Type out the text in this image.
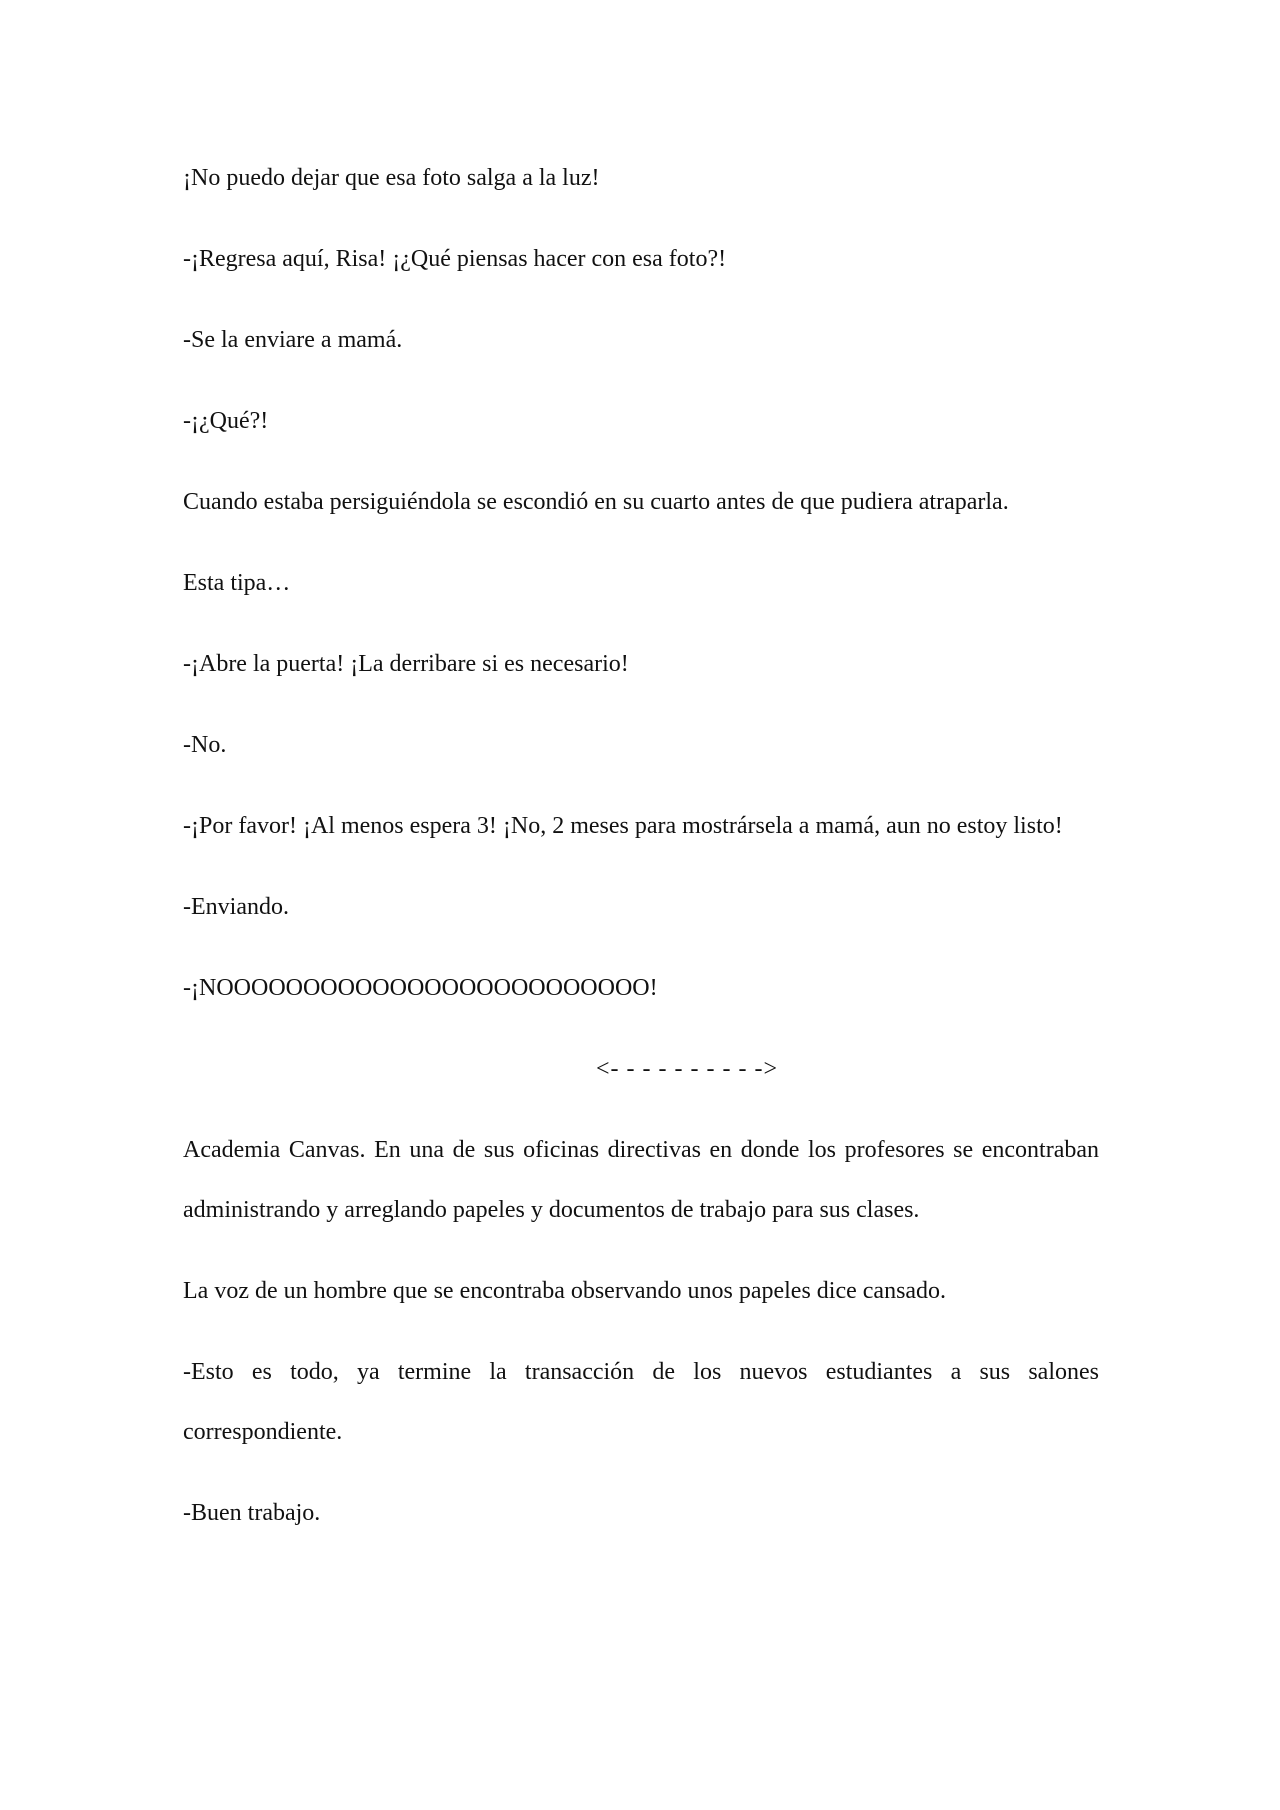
¡No puedo dejar que esa foto salga a la luz!

-¡Regresa aquí, Risa! ¡¿Qué piensas hacer con esa foto?!

-Se la enviare a mamá.

-¡¿Qué?!

Cuando estaba persiguiéndola se escondió en su cuarto antes de que pudiera atraparla.

Esta tipa…

-¡Abre la puerta! ¡La derribare si es necesario!

-No.

-¡Por favor! ¡Al menos espera 3! ¡No, 2 meses para mostrársela a mamá, aun no estoy listo!

-Enviando.

-¡NOOOOOOOOOOOOOOOOOOOOOOOOO!

<- - - - - - - - - ->

Academia Canvas. En una de sus oficinas directivas en donde los profesores se encontraban administrando y arreglando papeles y documentos de trabajo para sus clases.

La voz de un hombre que se encontraba observando unos papeles dice cansado.

-Esto es todo, ya termine la transacción de los nuevos estudiantes a sus salones correspondiente.

-Buen trabajo.
